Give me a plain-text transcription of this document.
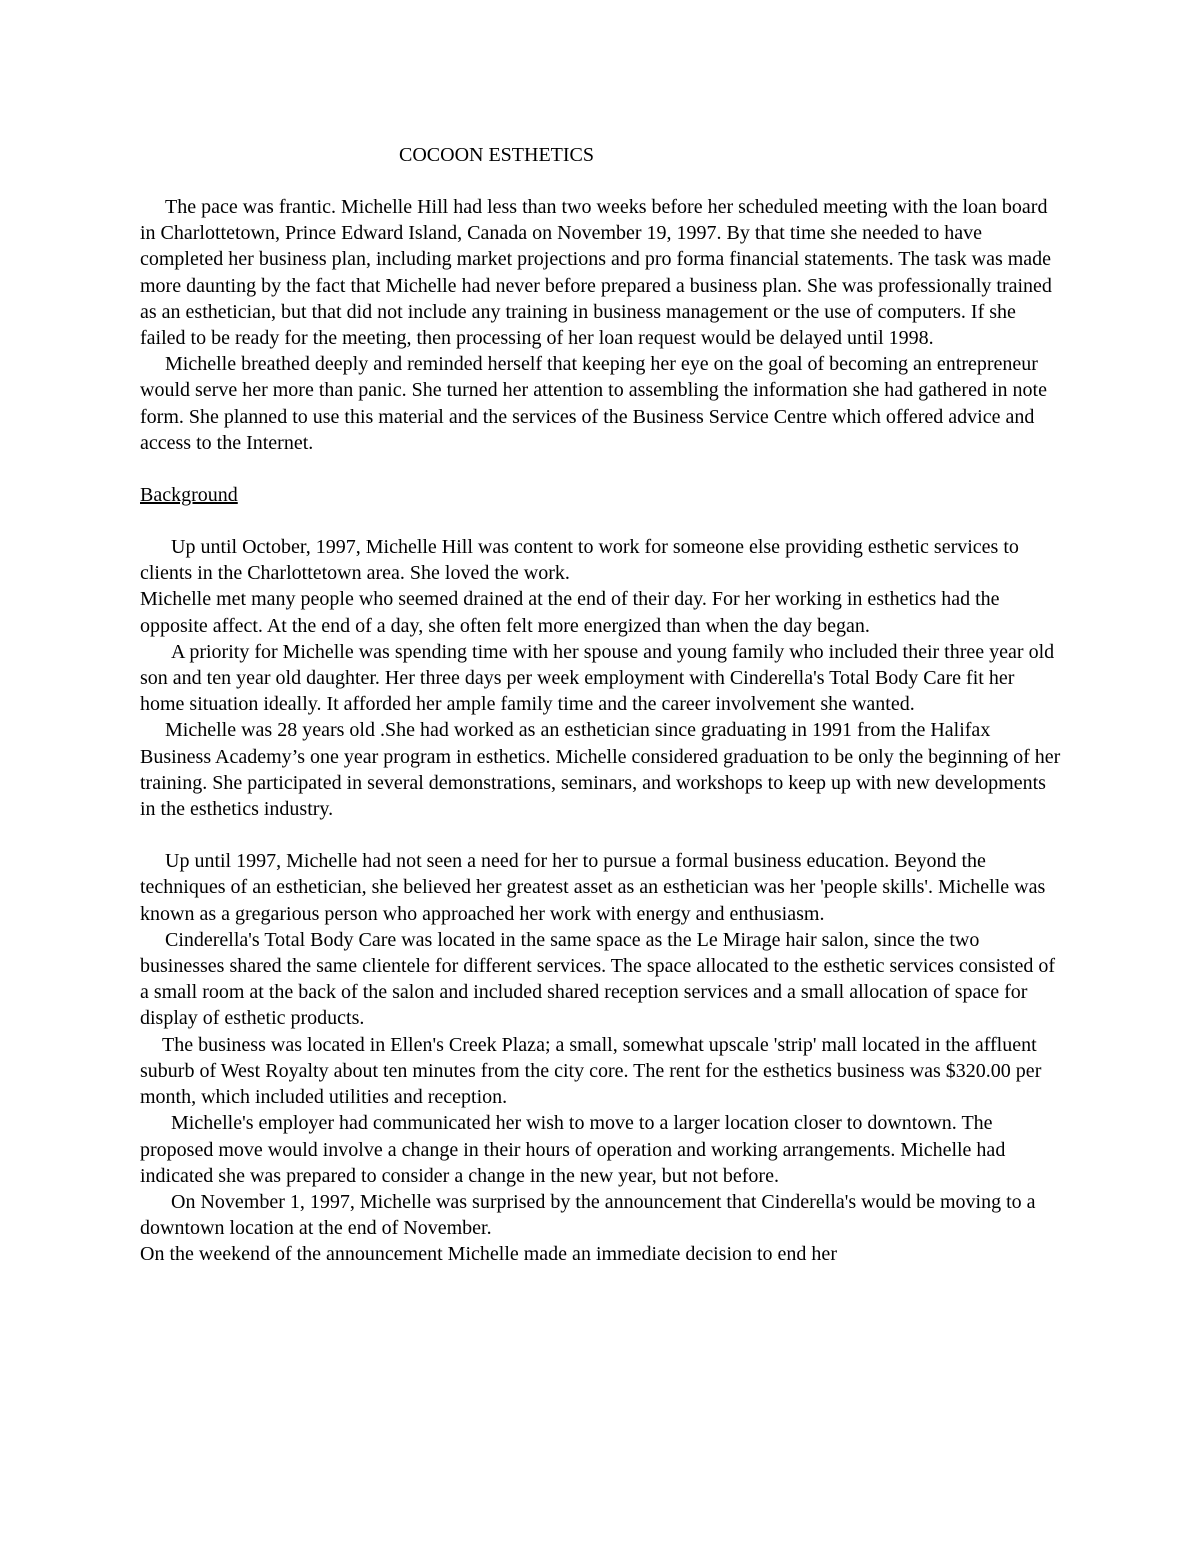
COCOON ESTHETICS

The pace was frantic. Michelle Hill had less than two weeks before her scheduled meeting with the loan board in Charlottetown, Prince Edward Island, Canada on November 19, 1997. By that time she needed to have completed her business plan, including market projections and pro forma financial statements. The task was made more daunting by the fact that Michelle had never before prepared a business plan. She was professionally trained as an esthetician, but that did not include any training in business management or the use of computers. If she failed to be ready for the meeting, then processing of her loan request would be delayed until 1998.

Michelle breathed deeply and reminded herself that keeping her eye on the goal of becoming an entrepreneur would serve her more than panic. She turned her attention to assembling the information she had gathered in note form. She planned to use this material and the services of the Business Service Centre which offered advice and access to the Internet.

Background

Up until October, 1997, Michelle Hill was content to work for someone else providing esthetic services to clients in the Charlottetown area. She loved the work.

Michelle met many people who seemed drained at the end of their day. For her working in esthetics had the opposite affect. At the end of a day, she often felt more energized than when the day began.

A priority for Michelle was spending time with her spouse and young family who included their three year old son and ten year old daughter. Her three days per week employment with Cinderella's Total Body Care fit her home situation ideally. It afforded her ample family time and the career involvement she wanted.

Michelle was 28 years old .She had worked as an esthetician since graduating in 1991 from the Halifax Business Academy’s one year program in esthetics. Michelle considered graduation to be only the beginning of her training. She participated in several demonstrations, seminars, and workshops to keep up with new developments in the esthetics industry.

Up until 1997, Michelle had not seen a need for her to pursue a formal business education. Beyond the techniques of an esthetician, she believed her greatest asset as an esthetician was her 'people skills'. Michelle was known as a gregarious person who approached her work with energy and enthusiasm.

Cinderella's Total Body Care was located in the same space as the Le Mirage hair salon, since the two businesses shared the same clientele for different services. The space allocated to the esthetic services consisted of a small room at the back of the salon and included shared reception services and a small allocation of space for display of esthetic products.

The business was located in Ellen's Creek Plaza; a small, somewhat upscale 'strip' mall located in the affluent suburb of West Royalty about ten minutes from the city core. The rent for the esthetics business was $320.00 per month, which included utilities and reception.

Michelle's employer had communicated her wish to move to a larger location closer to downtown. The proposed move would involve a change in their hours of operation and working arrangements. Michelle had indicated she was prepared to consider a change in the new year, but not before.

On November 1, 1997, Michelle was surprised by the announcement that Cinderella's would be moving to a downtown location at the end of November.

On the weekend of the announcement Michelle made an immediate decision to end her
